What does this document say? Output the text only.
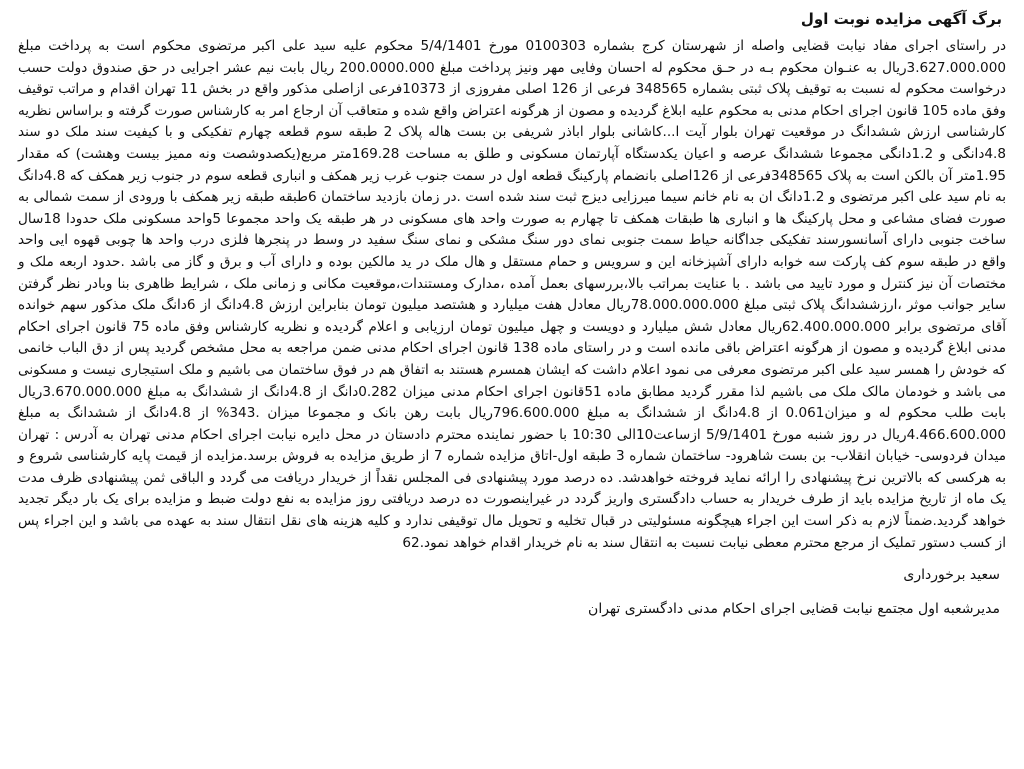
برگ آگهی مزایده نوبت اول

در راستای اجرای مفاد نیابت قضایی واصله از شهرستان کرج بشماره 0100303 مورخ 5/4/1401 محکوم علیه سید علی اکبر مرتضوی محکوم است به پرداخت مبلغ 3.627.000.000ریال به عنـوان محکوم بـه در حـق محکوم له احسان وفایی مهر ونیز پرداخت مبلغ 200.0000.000 ریال بابت نیم عشر اجرایی در حق صندوق دولت حسب درخواست محکوم له نسبت به توقیف پلاک ثبتی بشماره 348565 فرعی از 126 اصلی مفروزی از 10373فرعی ازاصلی مذکور واقع در بخش 11 تهران اقدام و مراتب توقیف وفق ماده 105 قانون اجرای احکام مدنی به محکوم علیه ابلاغ گردیده و مصون از هرگونه اعتراض واقع شده و متعاقب آن ارجاع امر به کارشناس صورت گرفته و براساس نظریه کارشناسی ارزش ششدانگ در موقعیت تهران بلوار آیت ا...کاشانی بلوار اباذر شریفی بن بست هاله پلاک 2 طبقه سوم قطعه چهارم تفکیکی و با کیفیت سند ملک دو سند 4.8دانگی و 1.2دانگی مجموعا ششدانگ عرصه و اعیان یکدستگاه آپارتمان مسکونی و طلق به مساحت 169.28متر مربع(یکصدوشصت ونه ممیز بیست وهشت) که مقدار 1.95متر آن بالکن است به پلاک 348565فرعی از 126اصلی بانضمام پارکینگ قطعه اول در سمت جنوب غرب زیر همکف و انباری قطعه سوم در جنوب زیر همکف که 4.8دانگ به نام سید علی اکبر مرتضوی و 1.2دانگ ان به نام خانم سیما میرزایی دیزج ثبت سند شده است .در زمان بازدید ساختمان 6طبقه طبقه زیر همکف با ورودی از سمت شمالی به صورت فضای مشاعی و محل پارکینگ ها و انباری ها طبقات همکف تا چهارم به صورت واحد های مسکونی در هر طبقه یک واحد مجموعا 5واحد مسکونی ملک حدودا 18سال ساخت جنوبی دارای آسانسورسند تفکیکی جداگانه حیاط سمت جنوبی نمای دور سنگ مشکی و نمای سنگ سفید در وسط در پنجرها فلزی درب واحد ها چوبی قهوه ایی واحد واقع در طبقه سوم کف پارکت سه خوابه دارای آشپزخانه این و سرویس و حمام مستقل و هال ملک در ید مالکین بوده و دارای آب و برق و گاز می باشد .حدود اربعه ملک و مختصات آن نیز کنترل و مورد تایید می باشد . با عنایت بمراتب بالا،بررسهای بعمل آمده ،مدارک ومستندات،موقعیت مکانی و زمانی ملک ، شرایط ظاهری بنا وبادر نظر گرفتن سایر جوانب موثر ،ارزششدانگ پلاک ثبتی مبلغ 78.000.000.000ریال معادل هفت میلیارد و هشتصد میلیون تومان بنابراین ارزش 4.8دانگ از 6دانگ ملک مذکور سهم خوانده آقای مرتضوی برابر 62.400.000.000ریال معادل شش میلیارد و دویست و چهل میلیون تومان ارزیابی و اعلام گردیده و نظریه کارشناس وفق ماده 75 قانون اجرای احکام مدنی ابلاغ گردیده و مصون از هرگونه اعتراض باقی مانده است و در راستای ماده 138 قانون اجرای احکام مدنی ضمن مراجعه به محل مشخص گردید پس از دق الباب خانمی که خودش را همسر سید علی اکبر مرتضوی معرفی می نمود اعلام داشت که ایشان همسرم هستند به اتفاق هم در فوق ساختمان می باشیم و ملک استیجاری نیست و مسکونی می باشد و خودمان مالک ملک می باشیم لذا مقرر گردید مطابق ماده 51قانون اجرای احکام مدنی میزان 0.282دانگ از 4.8دانگ از ششدانگ به مبلغ 3.670.000.000ریال بابت طلب محکوم له و میزان0.061 از 4.8دانگ از ششدانگ به مبلغ 796.600.000ریال بابت رهن بانک و مجموعا میزان .343% از 4.8دانگ از ششدانگ به مبلغ 4.466.600.000ریال در روز شنبه مورخ 5/9/1401 ازساعت10الی 10:30 با حضور نماینده محترم دادستان در محل دایره نیابت اجرای احکام مدنی تهران به آدرس : تهران میدان فردوسی- خیابان انقلاب- بن بست شاهرود- ساختمان شماره 3 طبقه اول-اتاق مزایده شماره 7 از طریق مزایده به فروش برسد.مزایده از قیمت پایه کارشناسی شروع و به هرکسی که بالاترین نرخ پیشنهادی را ارائه نماید فروخته خواهدشد. ده درصد مورد پیشنهادی فی المجلس نقداً از خریدار دریافت می گردد و الباقی ثمن پیشنهادی ظرف مدت یک ماه از تاریخ مزایده باید از طرف خریدار به حساب دادگستری واریز گردد در غیراینصورت ده درصد دریافتی روز مزایده به نفع دولت ضبط و مزایده برای یک بار دیگر تجدید خواهد گردید.ضمناً لازم به ذکر است این اجراء هیچگونه مسئولیتی در قبال تخلیه و تحویل مال توقیفی ندارد و کلیه هزینه های نقل انتقال سند به عهده می باشد و این اجراء پس از کسب دستور تملیک از مرجع محترم معطی نیابت نسبت به انتقال سند به نام خریدار اقدام خواهد نمود.62

سعید برخورداری
مدیرشعبه اول مجتمع نیابت قضایی اجرای احکام مدنی دادگستری تهران
